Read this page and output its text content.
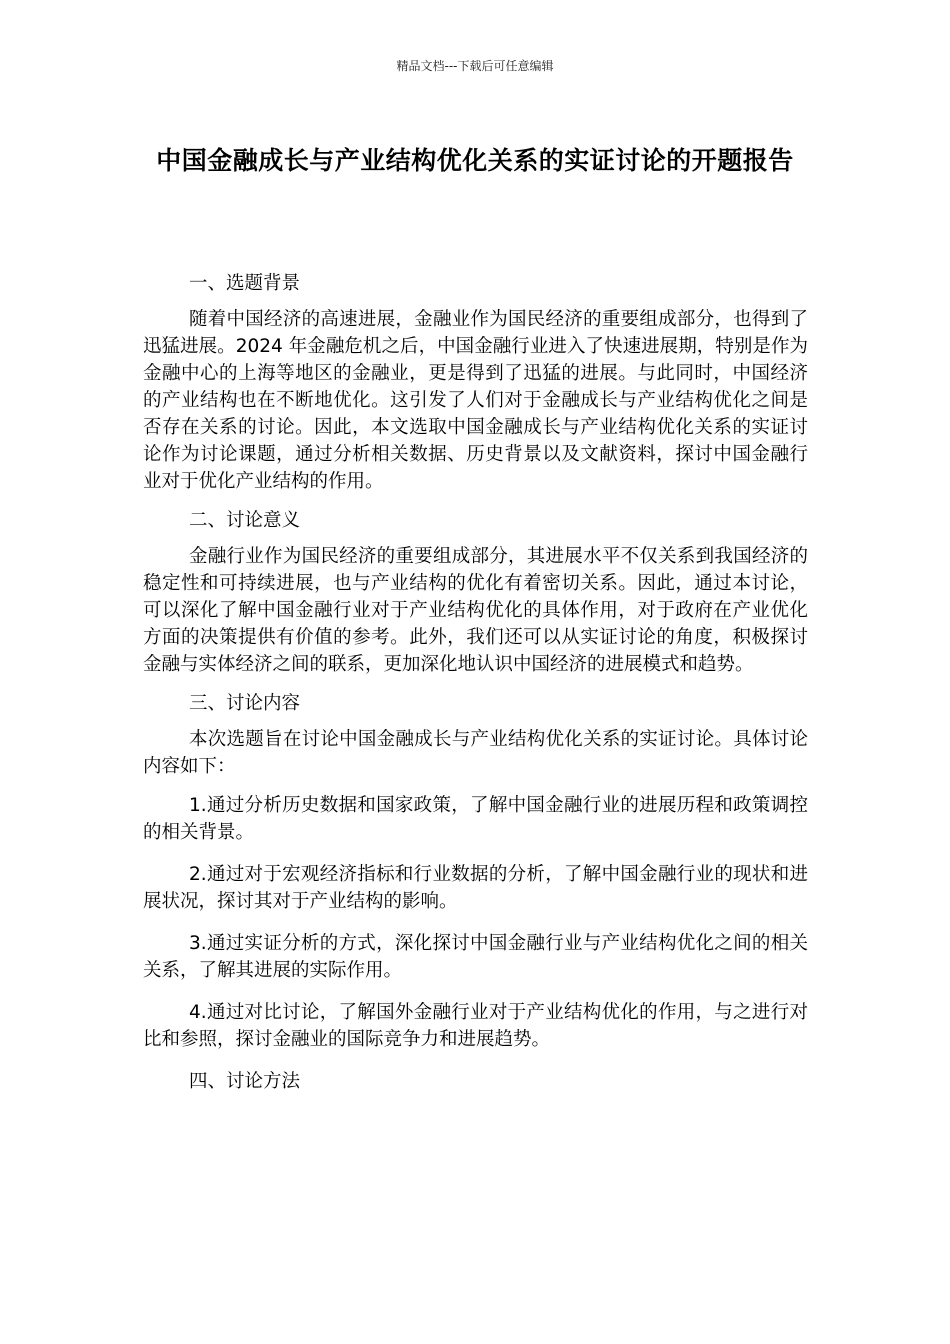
精品文档---下载后可任意编辑
中国金融成长与产业结构优化关系的实证讨论的开题报告

一、选题背景

随着中国经济的高速进展，金融业作为国民经济的重要组成部分，也得到了迅猛进展。2024 年金融危机之后，中国金融行业进入了快速进展期，特别是作为金融中心的上海等地区的金融业，更是得到了迅猛的进展。与此同时，中国经济的产业结构也在不断地优化。这引发了人们对于金融成长与产业结构优化之间是否存在关系的讨论。因此，本文选取中国金融成长与产业结构优化关系的实证讨论作为讨论课题，通过分析相关数据、历史背景以及文献资料，探讨中国金融行业对于优化产业结构的作用。

二、讨论意义

金融行业作为国民经济的重要组成部分，其进展水平不仅关系到我国经济的稳定性和可持续进展，也与产业结构的优化有着密切关系。因此，通过本讨论，可以深化了解中国金融行业对于产业结构优化的具体作用，对于政府在产业优化方面的决策提供有价值的参考。此外，我们还可以从实证讨论的角度，积极探讨金融与实体经济之间的联系，更加深化地认识中国经济的进展模式和趋势。

三、讨论内容

本次选题旨在讨论中国金融成长与产业结构优化关系的实证讨论。具体讨论内容如下：

1.通过分析历史数据和国家政策，了解中国金融行业的进展历程和政策调控的相关背景。

2.通过对于宏观经济指标和行业数据的分析，了解中国金融行业的现状和进展状况，探讨其对于产业结构的影响。

3.通过实证分析的方式，深化探讨中国金融行业与产业结构优化之间的相关关系，了解其进展的实际作用。

4.通过对比讨论，了解国外金融行业对于产业结构优化的作用，与之进行对比和参照，探讨金融业的国际竞争力和进展趋势。

四、讨论方法
